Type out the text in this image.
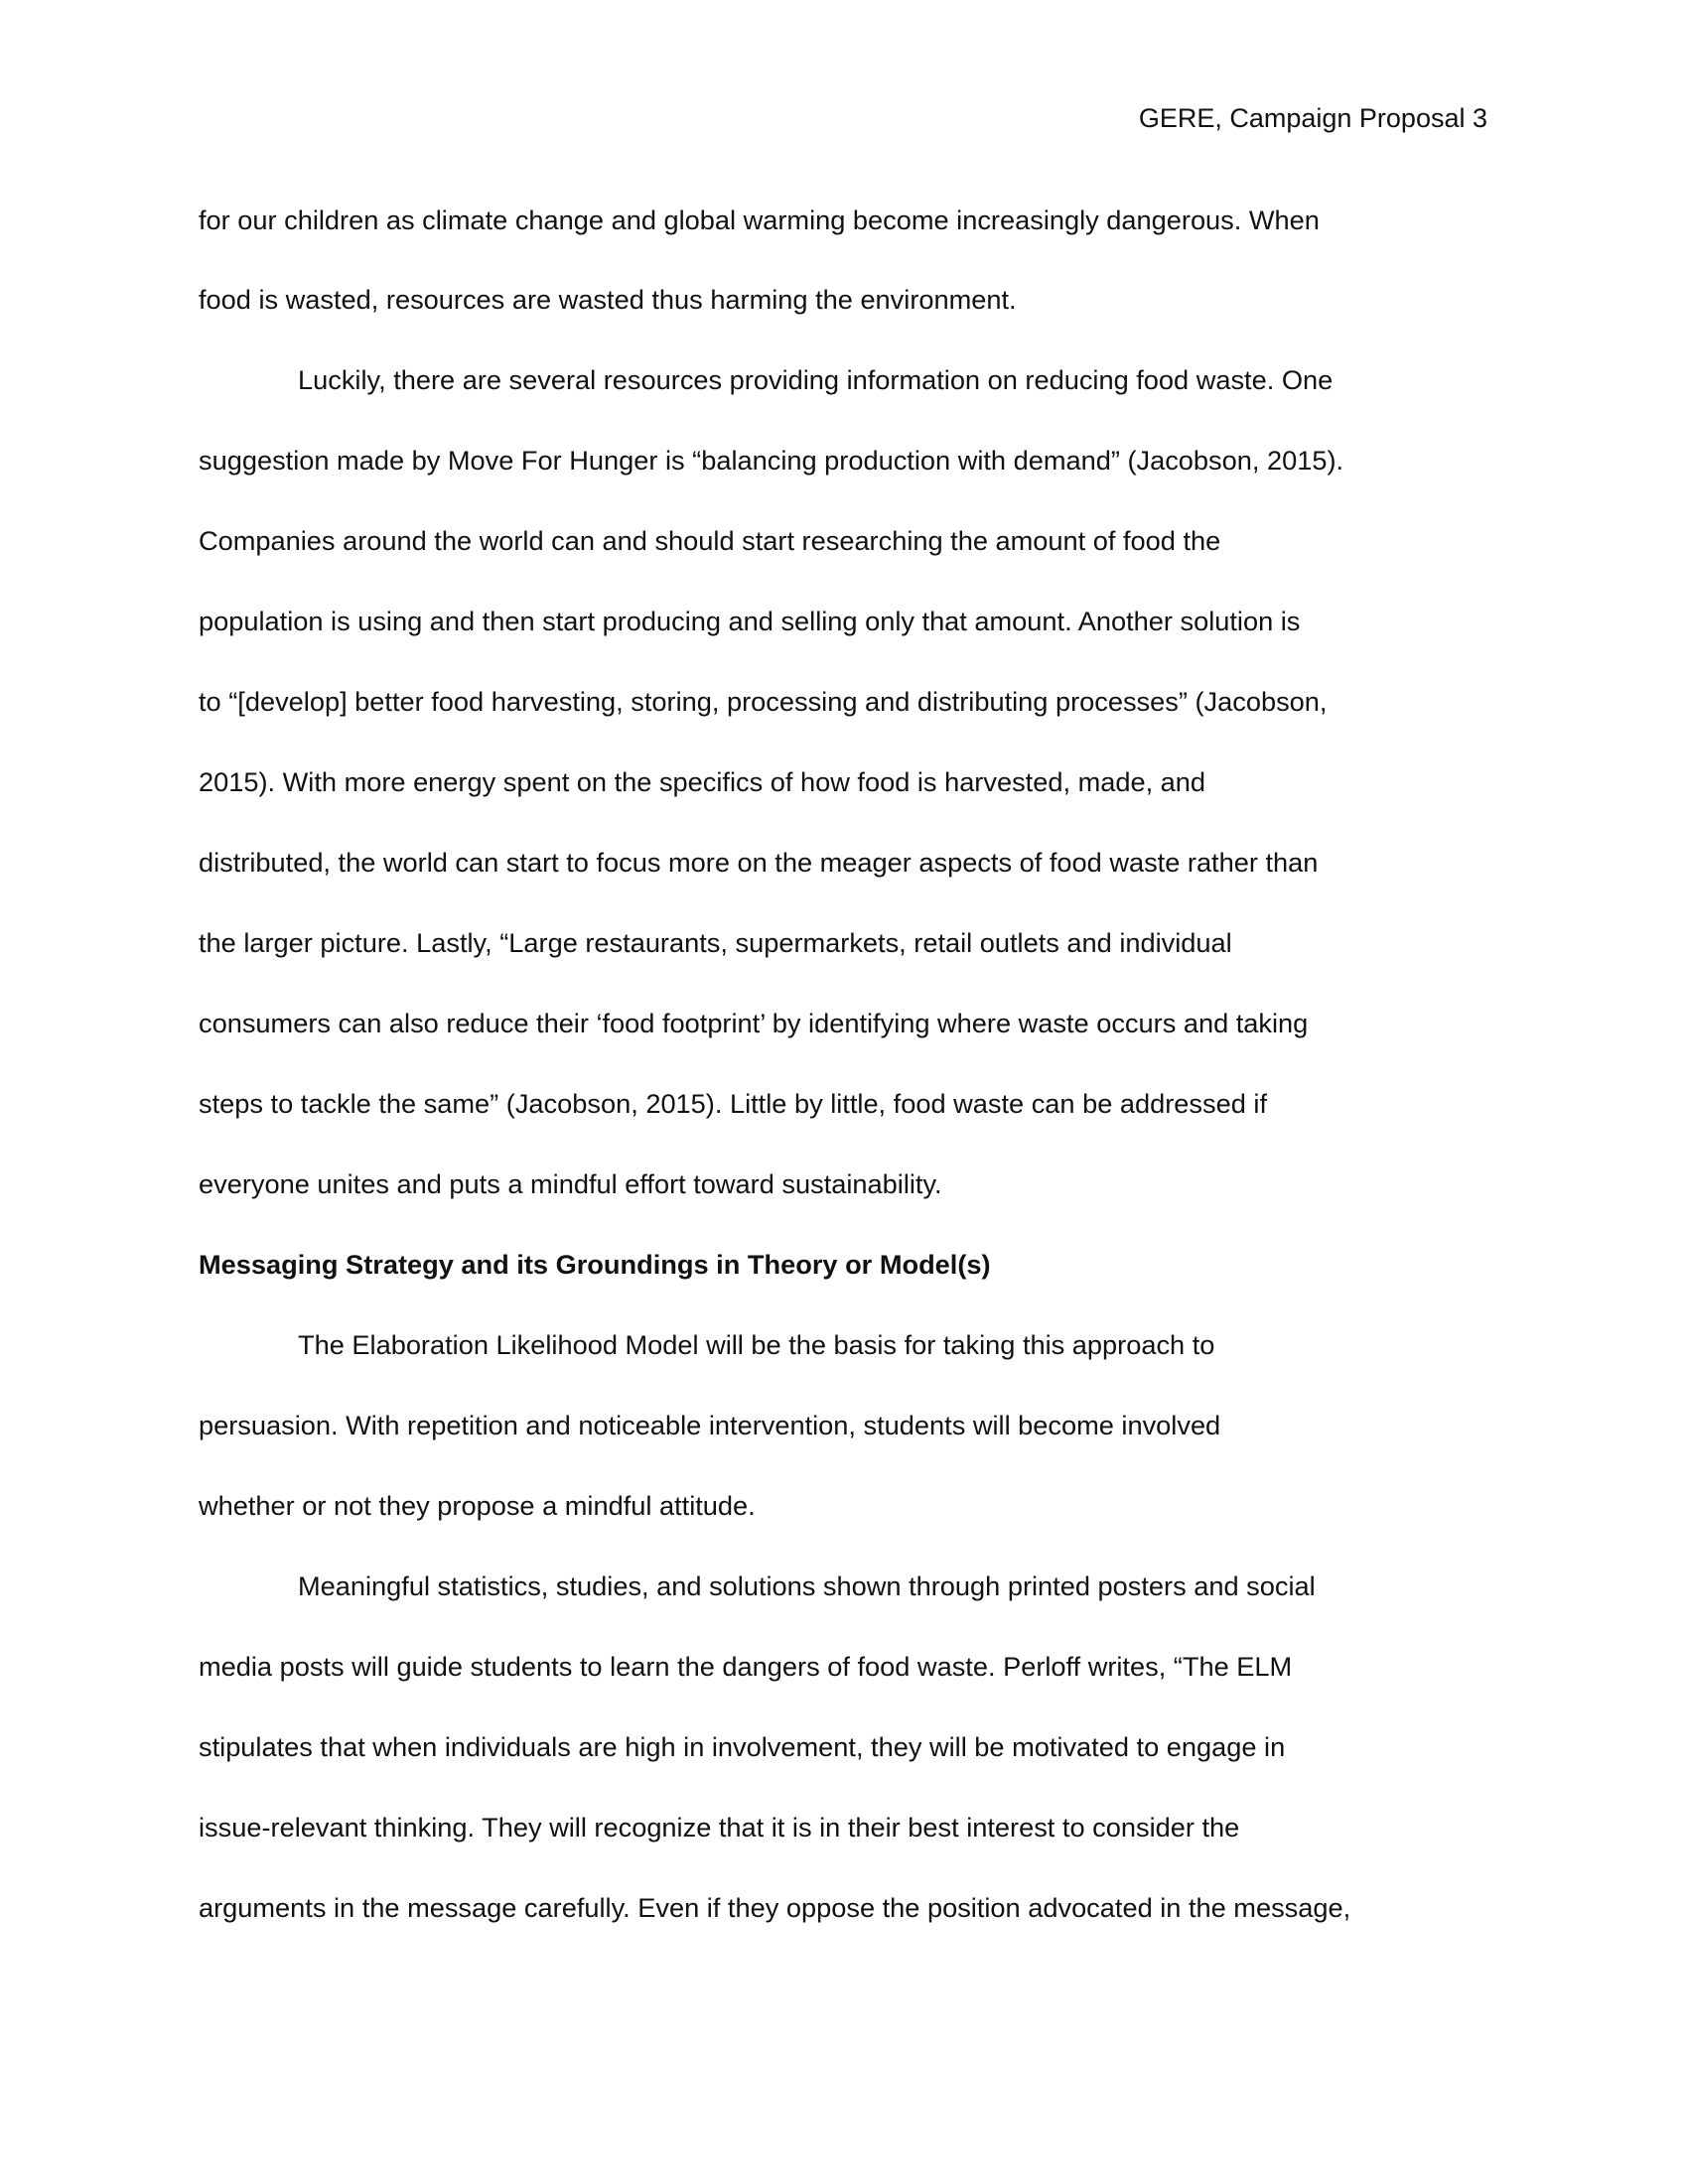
GERE, Campaign Proposal 3
for our children as climate change and global warming become increasingly dangerous. When
food is wasted, resources are wasted thus harming the environment.
Luckily, there are several resources providing information on reducing food waste. One
suggestion made by Move For Hunger is “balancing production with demand” (Jacobson, 2015).
Companies around the world can and should start researching the amount of food the
population is using and then start producing and selling only that amount. Another solution is
to “[develop] better food harvesting, storing, processing and distributing processes” (Jacobson,
2015). With more energy spent on the specifics of how food is harvested, made, and
distributed, the world can start to focus more on the meager aspects of food waste rather than
the larger picture. Lastly, “Large restaurants, supermarkets, retail outlets and individual
consumers can also reduce their ‘food footprint’ by identifying where waste occurs and taking
steps to tackle the same” (Jacobson, 2015). Little by little, food waste can be addressed if
everyone unites and puts a mindful effort toward sustainability.
Messaging Strategy and its Groundings in Theory or Model(s)
The Elaboration Likelihood Model will be the basis for taking this approach to
persuasion. With repetition and noticeable intervention, students will become involved
whether or not they propose a mindful attitude.
Meaningful statistics, studies, and solutions shown through printed posters and social
media posts will guide students to learn the dangers of food waste. Perloff writes, “The ELM
stipulates that when individuals are high in involvement, they will be motivated to engage in
issue-relevant thinking. They will recognize that it is in their best interest to consider the
arguments in the message carefully. Even if they oppose the position advocated in the message,
